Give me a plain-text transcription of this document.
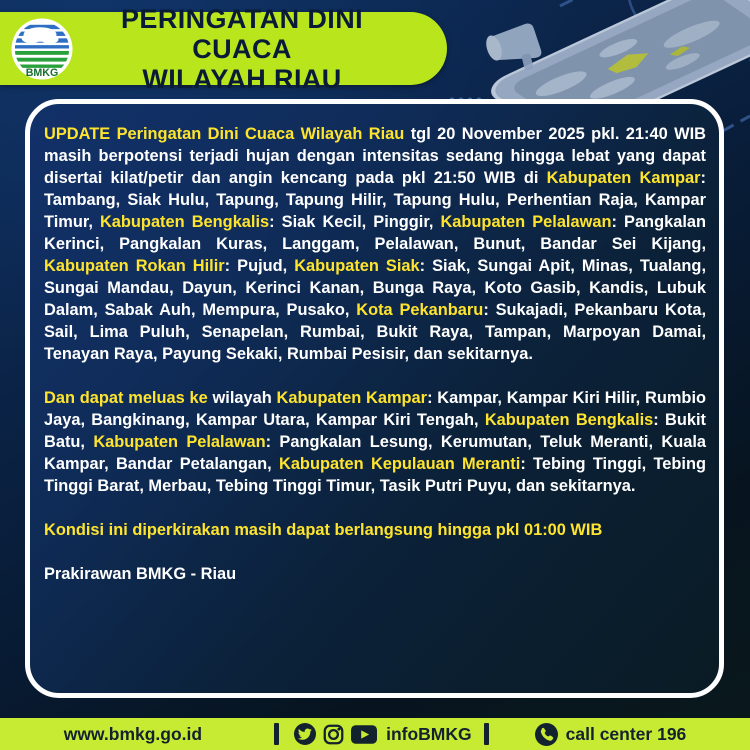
BMKG
PERINGATAN DINI CUACA
WILAYAH RIAU

UPDATE Peringatan Dini Cuaca Wilayah Riau tgl 20 November 2025 pkl. 21:40 WIB masih berpotensi terjadi hujan dengan intensitas sedang hingga lebat yang dapat disertai kilat/petir dan angin kencang pada pkl 21:50 WIB di Kabupaten Kampar: Tambang, Siak Hulu, Tapung, Tapung Hilir, Tapung Hulu, Perhentian Raja, Kampar Timur, Kabupaten Bengkalis: Siak Kecil, Pinggir, Kabupaten Pelalawan: Pangkalan Kerinci, Pangkalan Kuras, Langgam, Pelalawan, Bunut, Bandar Sei Kijang, Kabupaten Rokan Hilir: Pujud, Kabupaten Siak: Siak, Sungai Apit, Minas, Tualang, Sungai Mandau, Dayun, Kerinci Kanan, Bunga Raya, Koto Gasib, Kandis, Lubuk Dalam, Sabak Auh, Mempura, Pusako, Kota Pekanbaru: Sukajadi, Pekanbaru Kota, Sail, Lima Puluh, Senapelan, Rumbai, Bukit Raya, Tampan, Marpoyan Damai, Tenayan Raya, Payung Sekaki, Rumbai Pesisir, dan sekitarnya.

Dan dapat meluas ke wilayah Kabupaten Kampar: Kampar, Kampar Kiri Hilir, Rumbio Jaya, Bangkinang, Kampar Utara, Kampar Kiri Tengah, Kabupaten Bengkalis: Bukit Batu, Kabupaten Pelalawan: Pangkalan Lesung, Kerumutan, Teluk Meranti, Kuala Kampar, Bandar Petalangan, Kabupaten Kepulauan Meranti: Tebing Tinggi, Tebing Tinggi Barat, Merbau, Tebing Tinggi Timur, Tasik Putri Puyu, dan sekitarnya.

Kondisi ini diperkirakan masih dapat berlangsung hingga pkl 01:00 WIB

Prakirawan BMKG - Riau

www.bmkg.go.id	infoBMKG	call center 196
